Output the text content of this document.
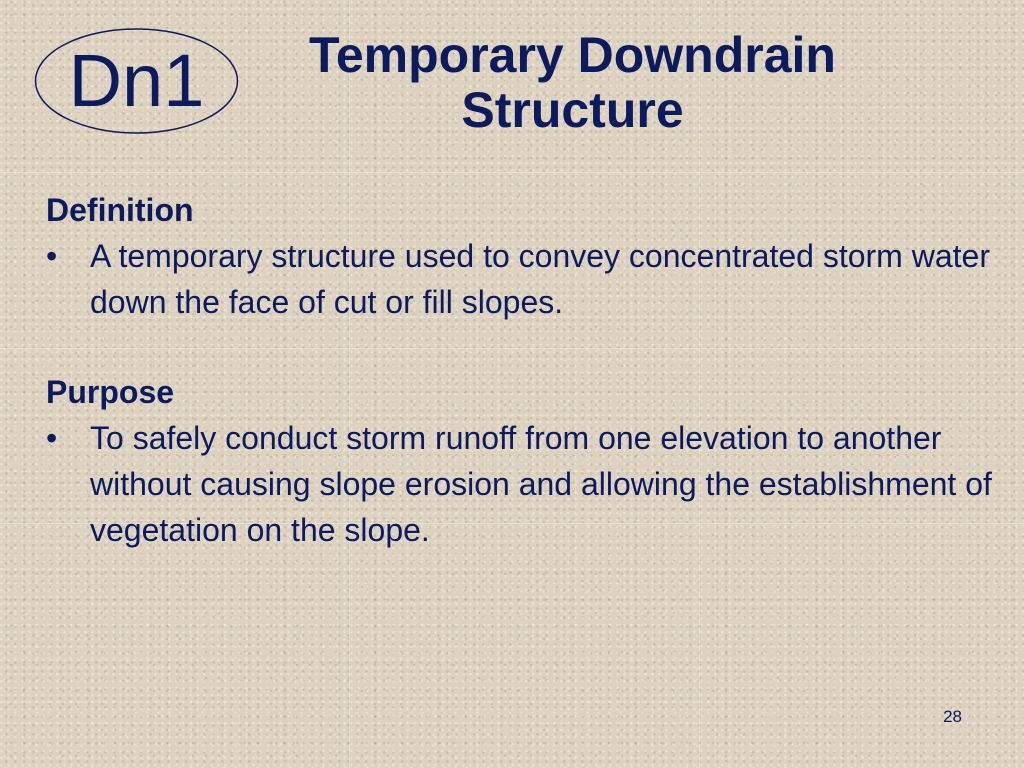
Dn1	Temporary Downdrain Structure

Definition

•	A temporary structure used to convey concentrated storm water down the face of cut or fill slopes.

Purpose

•	To safely conduct storm runoff from one elevation to another without causing slope erosion and allowing the establishment of vegetation on the slope.
28
